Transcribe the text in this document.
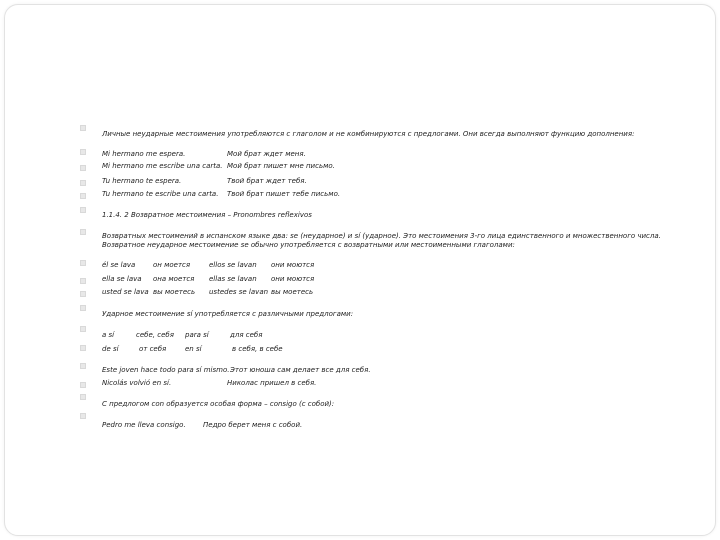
Личные неударные местоимения употребляются с глаголом и не комбинируются с предлогами. Они всегда выполняют функцию дополнения:
Mi hermano me espera.	Мой брат ждет меня.
Mi hermano me escribe una carta. Мой брат пишет мне письмо.
Tu hermano te espera.	Твой брат ждет тебя.
Tu hermano te escribe una carta. Твой брат пишет тебе письмо.
1.1.4. 2 Возвратное местоимения – Pronombres reflexivos
Возвратных местоимений в испанском языке два: se (неударное) и sí (ударное). Это местоимения 3-го лица единственного и множественного числа.
Возвратное неударное местоимение se обычно употребляется с возвратными или местоименными глаголами:
él se lava	он моется	ellos se lavan они моются
ella se lava она моется ellas se lavan они моются
usted se lava вы моетесь ustedes se lavan вы моетесь
Ударное местоимение sí употребляется с различными предлогами:
a sí	себе, себя para sí	для себя
de sí	от себя	en sí	в себя, в себе
Este joven hace todo para sí mismo. Этот юноша сам делает все для себя.
Nicolás volvió en sí.	Николас пришел в себя.
С предлогом con образуется особая форма – consigo (с собой):
Pedro me lleva consigo. Педро берет меня с собой.
